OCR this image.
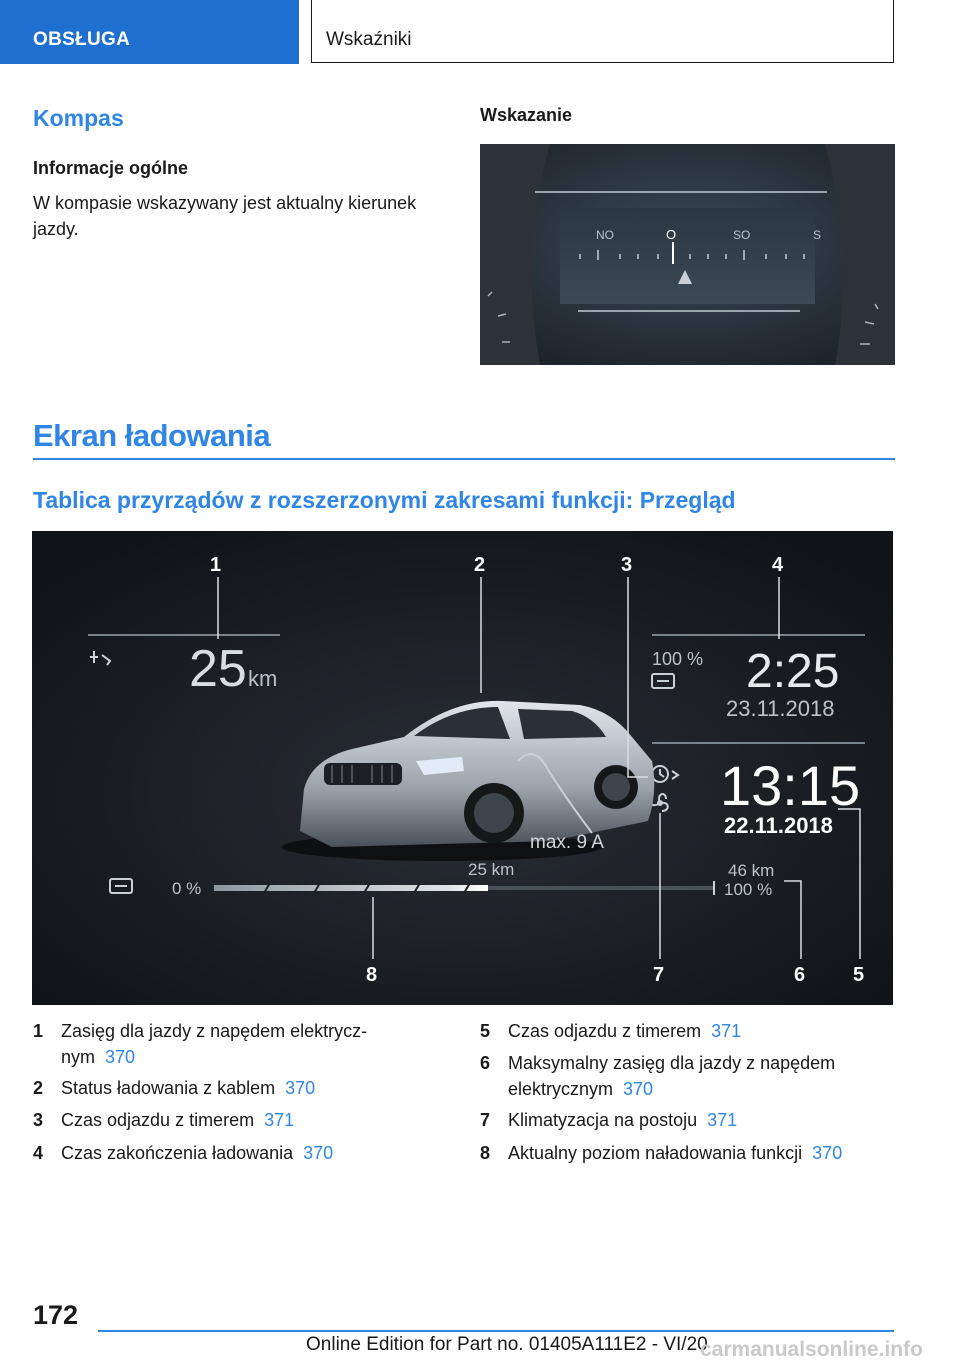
OBSŁUGA	Wskaźniki
Kompas
Informacje ogólne
W kompasie wskazywany jest aktualny kierunek
jazdy.
Wskazanie
NO	O	SO	S
Ekran ładowania
Tablica przyrządów z rozszerzonymi zakresami funkcji: Przegląd
25 km
100 % 2:25
23.11.2018
13:15
22.11.2018
max. 9 A
0 %
25 km	46 km
100 %
1	2	3	4
5
6
7
8
1 Zasięg dla jazdy z napędem elektrycz-
nym 370
2 Status ładowania z kablem 370
3 Czas odjazdu z timerem 371
4 Czas zakończenia ładowania 370
5 Czas odjazdu z timerem 371
6 Maksymalny zasięg dla jazdy z napędem
elektrycznym 370
7 Klimatyzacja na postoju 371
8 Aktualny poziom naładowania funkcji 370
172
Online Edition for Part no. 01405A111E2 - VI/20
carmanualsonline.info
